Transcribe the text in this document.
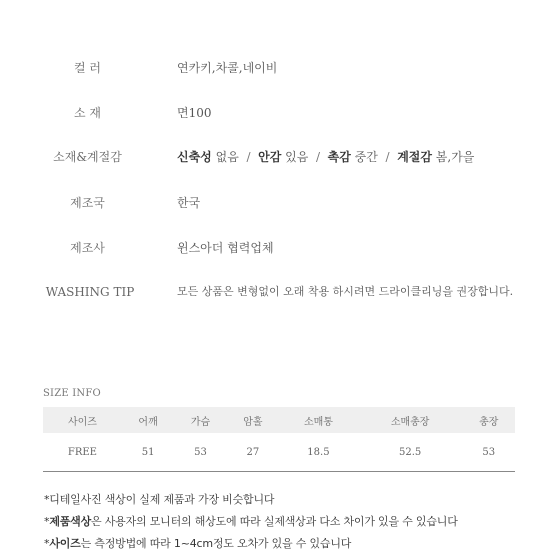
컬 러	연카키,차콜,네이비
소 재	면100
소재&계절감	신축성 없음 / 안감 있음 / 촉감 중간 / 계절감 봄,가을
제조국	한국
제조사	윈스아더 협력업체
WASHING TIP	모든 상품은 변형없이 오래 착용 하시려면 드라이클리닝을 권장합니다.
SIZE INFO
사이즈	어깨	가슴	암홀	소매통	소매총장	총장
FREE	51	53	27	18.5	52.5	53
*디테일사진 색상이 실제 제품과 가장 비슷합니다
*제품색상은 사용자의 모니터의 해상도에 따라 실제색상과 다소 차이가 있을 수 있습니다
*사이즈는 측정방법에 따라 1~4cm정도 오차가 있을 수 있습니다
